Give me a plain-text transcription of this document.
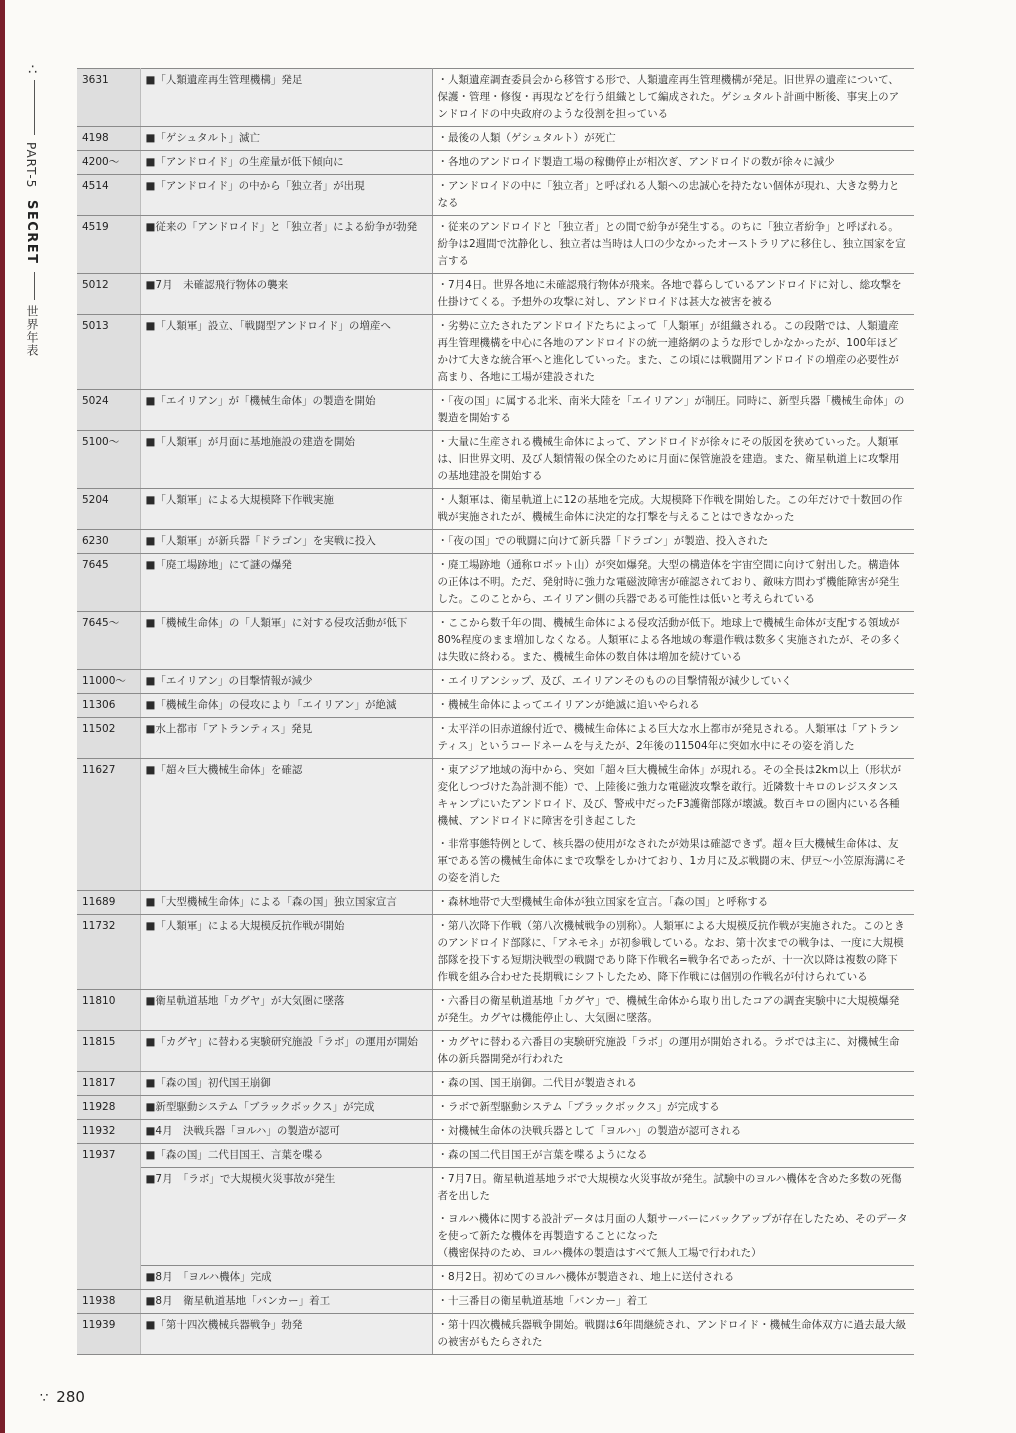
∴
PART-5
SECRET
世界年表
3631	■「人類遺産再生管理機構」発足	・人類遺産調査委員会から移管する形で、人類遺産再生管理機構が発足。旧世界の遺産について、保護・管理・修復・再現などを行う組織として編成された。ゲシュタルト計画中断後、事実上のアンドロイドの中央政府のような役割を担っている

4198	■「ゲシュタルト」滅亡	・最後の人類（ゲシュタルト）が死亡

4200～	■「アンドロイド」の生産量が低下傾向に	・各地のアンドロイド製造工場の稼働停止が相次ぎ、アンドロイドの数が徐々に減少

4514	■「アンドロイド」の中から「独立者」が出現	・アンドロイドの中に「独立者」と呼ばれる人類への忠誠心を持たない個体が現れ、大きな勢力となる

4519	■従来の「アンドロイド」と「独立者」による紛争が勃発	・従来のアンドロイドと「独立者」との間で紛争が発生する。のちに「独立者紛争」と呼ばれる。紛争は2週間で沈静化し、独立者は当時は人口の少なかったオーストラリアに移住し、独立国家を宣言する

5012	■7月　未確認飛行物体の襲来	・7月4日。世界各地に未確認飛行物体が飛来。各地で暮らしているアンドロイドに対し、総攻撃を仕掛けてくる。予想外の攻撃に対し、アンドロイドは甚大な被害を被る

5013	■「人類軍」設立、「戦闘型アンドロイド」の増産へ	・劣勢に立たされたアンドロイドたちによって「人類軍」が組織される。この段階では、人類遺産再生管理機構を中心に各地のアンドロイドの統一連絡網のような形でしかなかったが、100年ほどかけて大きな統合軍へと進化していった。また、この頃には戦闘用アンドロイドの増産の必要性が高まり、各地に工場が建設された

5024	■「エイリアン」が「機械生命体」の製造を開始	・「夜の国」に属する北米、南米大陸を「エイリアン」が制圧。同時に、新型兵器「機械生命体」の製造を開始する

5100～	■「人類軍」が月面に基地施設の建造を開始	・大量に生産される機械生命体によって、アンドロイドが徐々にその版図を狭めていった。人類軍は、旧世界文明、及び人類情報の保全のために月面に保管施設を建造。また、衛星軌道上に攻撃用の基地建設を開始する

5204	■「人類軍」による大規模降下作戦実施	・人類軍は、衛星軌道上に12の基地を完成。大規模降下作戦を開始した。この年だけで十数回の作戦が実施されたが、機械生命体に決定的な打撃を与えることはできなかった

6230	■「人類軍」が新兵器「ドラゴン」を実戦に投入	・「夜の国」での戦闘に向けて新兵器「ドラゴン」が製造、投入された

7645	■「廃工場跡地」にて謎の爆発	・廃工場跡地（通称ロボット山）が突如爆発。大型の構造体を宇宙空間に向けて射出した。構造体の正体は不明。ただ、発射時に強力な電磁波障害が確認されており、敵味方問わず機能障害が発生した。このことから、エイリアン側の兵器である可能性は低いと考えられている

7645～	■「機械生命体」の「人類軍」に対する侵攻活動が低下	・ここから数千年の間、機械生命体による侵攻活動が低下。地球上で機械生命体が支配する領域が80%程度のまま増加しなくなる。人類軍による各地域の奪還作戦は数多く実施されたが、その多くは失敗に終わる。また、機械生命体の数自体は増加を続けている

11000～	■「エイリアン」の目撃情報が減少	・エイリアンシップ、及び、エイリアンそのものの目撃情報が減少していく

11306	■「機械生命体」の侵攻により「エイリアン」が絶滅	・機械生命体によってエイリアンが絶滅に追いやられる

11502	■水上都市「アトランティス」発見	・太平洋の旧赤道線付近で、機械生命体による巨大な水上都市が発見される。人類軍は「アトランティス」というコードネームを与えたが、2年後の11504年に突如水中にその姿を消した

11627	■「超々巨大機械生命体」を確認	・東アジア地域の海中から、突如「超々巨大機械生命体」が現れる。その全長は2km以上（形状が変化しつづけた為計測不能）で、上陸後に強力な電磁波攻撃を敢行。近隣数十キロのレジスタンスキャンプにいたアンドロイド、及び、警戒中だったF3護衛部隊が壊滅。数百キロの圏内にいる各種機械、アンドロイドに障害を引き起こした
・非常事態特例として、核兵器の使用がなされたが効果は確認できず。超々巨大機械生命体は、友軍である筈の機械生命体にまで攻撃をしかけており、1カ月に及ぶ戦闘の末、伊豆～小笠原海溝にその姿を消した

11689	■「大型機械生命体」による「森の国」独立国家宣言	・森林地帯で大型機械生命体が独立国家を宣言。「森の国」と呼称する

11732	■「人類軍」による大規模反抗作戦が開始	・第八次降下作戦（第八次機械戦争の別称）。人類軍による大規模反抗作戦が実施された。このときのアンドロイド部隊に、「アネモネ」が初参戦している。なお、第十次までの戦争は、一度に大規模部隊を投下する短期決戦型の戦闘であり降下作戦名=戦争名であったが、十一次以降は複数の降下作戦を組み合わせた長期戦にシフトしたため、降下作戦には個別の作戦名が付けられている

11810	■衛星軌道基地「カグヤ」が大気圏に墜落	・六番目の衛星軌道基地「カグヤ」で、機械生命体から取り出したコアの調査実験中に大規模爆発が発生。カグヤは機能停止し、大気圏に墜落。

11815	■「カグヤ」に替わる実験研究施設「ラボ」の運用が開始	・カグヤに替わる六番目の実験研究施設「ラボ」の運用が開始される。ラボでは主に、対機械生命体の新兵器開発が行われた

11817	■「森の国」初代国王崩御	・森の国、国王崩御。二代目が製造される

11928	■新型駆動システム「ブラックボックス」が完成	・ラボで新型駆動システム「ブラックボックス」が完成する

11932	■4月　決戦兵器「ヨルハ」の製造が認可	・対機械生命体の決戦兵器として「ヨルハ」の製造が認可される

11937	■「森の国」二代目国王、言葉を喋る	・森の国二代目国王が言葉を喋るようになる

	■7月　「ラボ」で大規模火災事故が発生	・7月7日。衛星軌道基地ラボで大規模な火災事故が発生。試験中のヨルハ機体を含めた多数の死傷者を出した
・ヨルハ機体に関する設計データは月面の人類サーバーにバックアップが存在したため、そのデータを使って新たな機体を再製造することになった
（機密保持のため、ヨルハ機体の製造はすべて無人工場で行われた）

	■8月　「ヨルハ機体」完成	・8月2日。初めてのヨルハ機体が製造され、地上に送付される

11938	■8月　衛星軌道基地「バンカー」着工	・十三番目の衛星軌道基地「バンカー」着工

11939	■「第十四次機械兵器戦争」勃発	・第十四次機械兵器戦争開始。戦闘は6年間継続され、アンドロイド・機械生命体双方に過去最大級の被害がもたらされた
∵ 280
